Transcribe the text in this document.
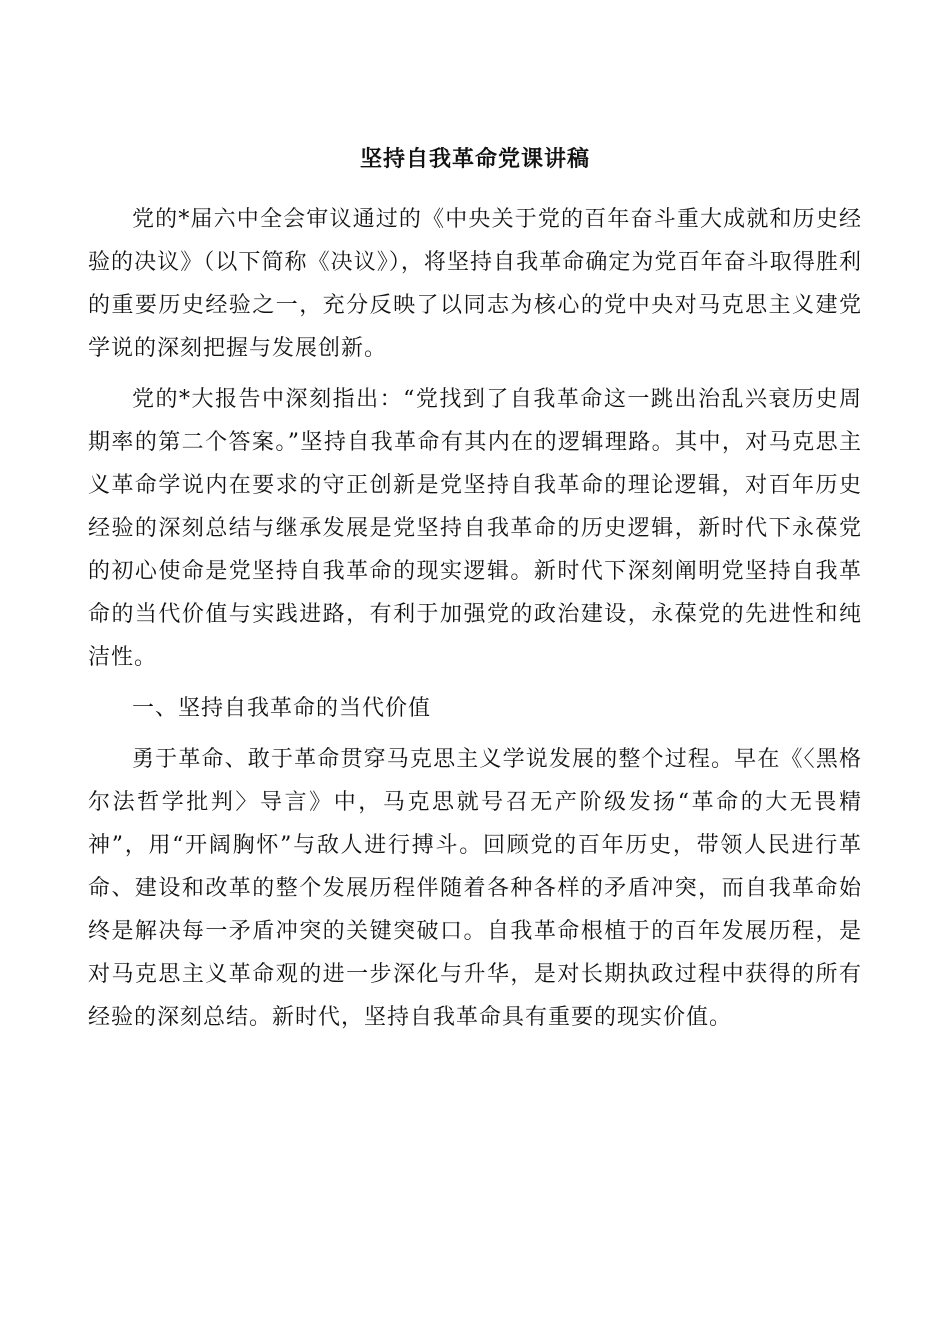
坚持自我革命党课讲稿

党的*届六中全会审议通过的《中央关于党的百年奋斗重大成就和历史经验的决议》（以下简称《决议》），将坚持自我革命确定为党百年奋斗取得胜利的重要历史经验之一，充分反映了以同志为核心的党中央对马克思主义建党学说的深刻把握与发展创新。

党的*大报告中深刻指出：“党找到了自我革命这一跳出治乱兴衰历史周期率的第二个答案。”坚持自我革命有其内在的逻辑理路。其中，对马克思主义革命学说内在要求的守正创新是党坚持自我革命的理论逻辑，对百年历史经验的深刻总结与继承发展是党坚持自我革命的历史逻辑，新时代下永葆党的初心使命是党坚持自我革命的现实逻辑。新时代下深刻阐明党坚持自我革命的当代价值与实践进路，有利于加强党的政治建设，永葆党的先进性和纯洁性。

一、坚持自我革命的当代价值

勇于革命、敢于革命贯穿马克思主义学说发展的整个过程。早在《〈黑格尔法哲学批判〉导言》中，马克思就号召无产阶级发扬“革命的大无畏精神”，用“开阔胸怀”与敌人进行搏斗。回顾党的百年历史，带领人民进行革命、建设和改革的整个发展历程伴随着各种各样的矛盾冲突，而自我革命始终是解决每一矛盾冲突的关键突破口。自我革命根植于的百年发展历程，是对马克思主义革命观的进一步深化与升华，是对长期执政过程中获得的所有经验的深刻总结。新时代，坚持自我革命具有重要的现实价值。
